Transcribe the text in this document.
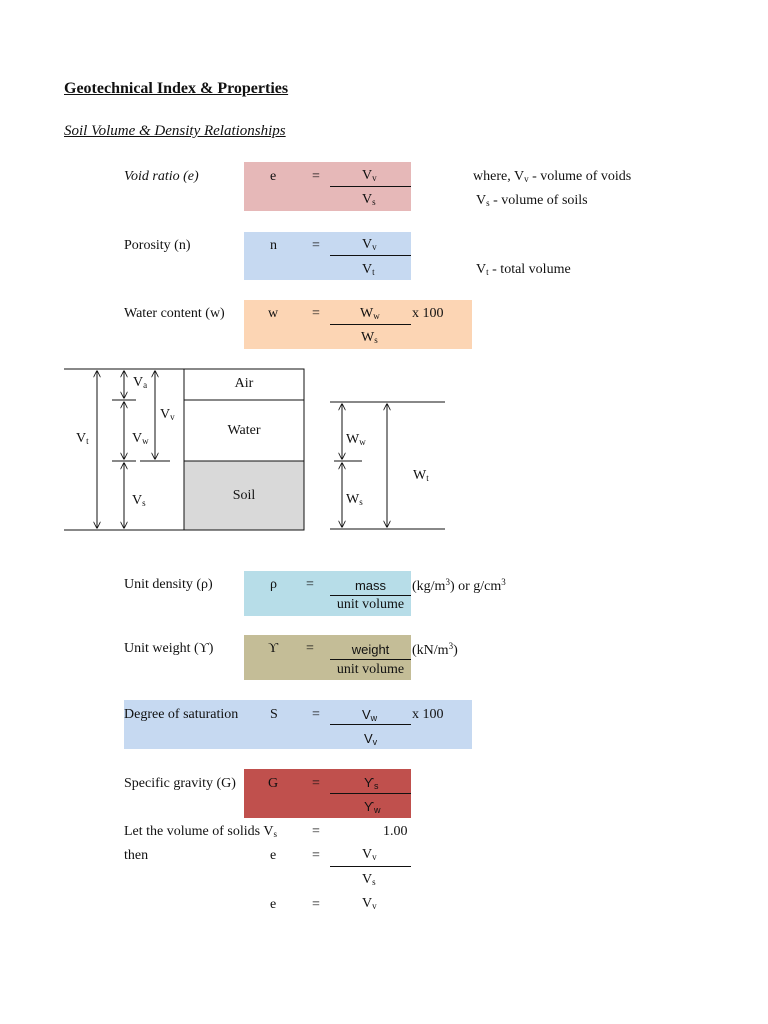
Geotechnical Index & Properties
Soil Volume & Density Relationships
Void ratio (e)	e	=	$V_v$
$V_s$
where, $V_v$ - volume of voids
$V_s$ - volume of soils
Porosity (n)	n	=	$V_v$
$V_t$	$V_t$ - total volume
Water content (w)	w =	$W_w$ x 100
$W_s$
Air
Water
Soil
$V_a$
$V_v$
$V_t$	$V_w$
$V_s$
$W_w$
$W_s$
$W_t$
Unit density (ρ)	ρ =	mass
unit volume
$(kg/m^3)$ or $g/cm^3$
Unit weight (ϒ)	ϒ =	weight
unit volume
$(kN/m^3)$
Degree of saturation	S =	$V_w$ x 100
$V_v$
Specific gravity (G)	G =	$ϒ_s$
$ϒ_w$
Let the volume of solids $V_s$	=	1.00
then	e	=	$V_v$
$V_s$
e	=	$V_v$
